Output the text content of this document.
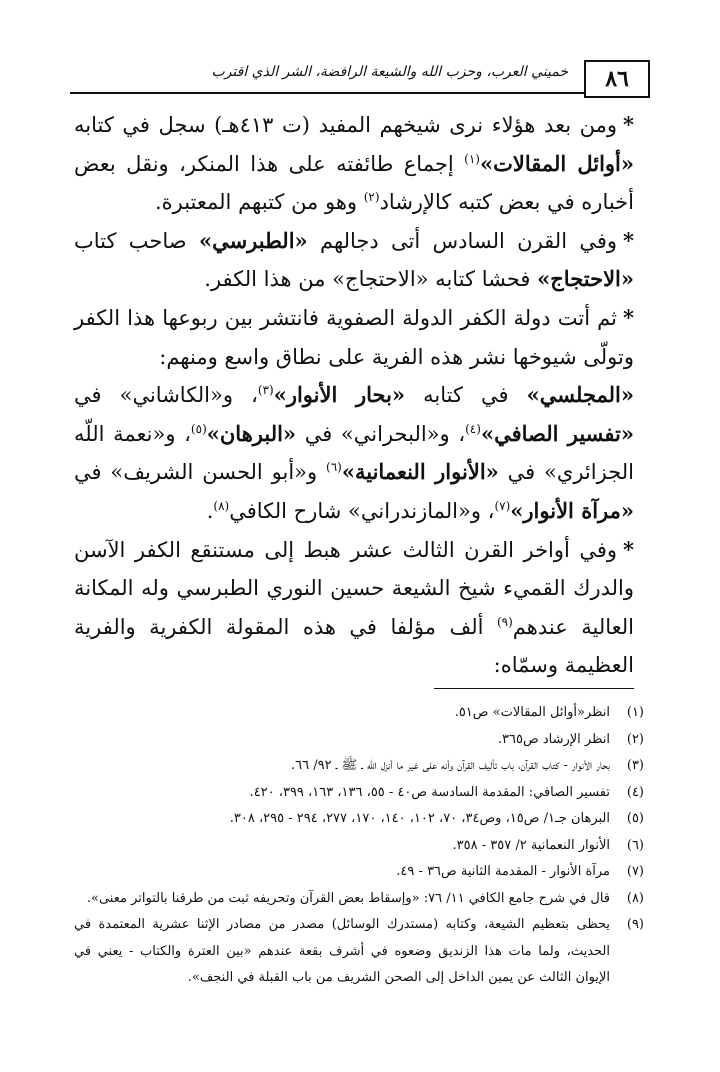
٨٦
خميني العرب، وحزب الله والشيعة الرافضة، الشر الذي اقترب

*ومن بعد هؤلاء نرى شيخهم المفيد (ت ٤١٣هـ) سجل في كتابه «أوائل المقالات»$^{(١)}$ إجماع طائفته على هذا المنكر، ونقل بعض أخباره في بعض كتبه كالإرشاد$^{(٢)}$ وهو من كتبهم المعتبرة.

*وفي القرن السادس أتى دجالهم «الطبرسي» صاحب كتاب «الاحتجاج» فحشا كتابه «الاحتجاج» من هذا الكفر.

*ثم أتت دولة الكفر الدولة الصفوية فانتشر بين ربوعها هذا الكفر وتولّى شيوخها نشر هذه الفرية على نطاق واسع ومنهم:

«المجلسي» في كتابه «بحار الأنوار»$^{(٣)}$، و«الكاشاني» في «تفسير الصافي»$^{(٤)}$، و«البحراني» في «البرهان»$^{(٥)}$، و«نعمة اللّه الجزائري» في «الأنوار النعمانية»$^{(٦)}$ و«أبو الحسن الشريف» في «مرآة الأنوار»$^{(٧)}$، و«المازندراني» شارح الكافي$^{(٨)}$.

*وفي أواخر القرن الثالث عشر هبط إلى مستنقع الكفر الآسن والدرك القميء شيخ الشيعة حسين النوري الطبرسي وله المكانة العالية عندهم$^{(٩)}$ ألف مؤلفا في هذه المقولة الكفرية والفرية العظيمة وسمّاه:

(١)
انظر«أوائل المقالات» ص٥١.
(٢)
انظر الإرشاد ص٣٦٥.
(٣)
بحار الأنوار - كتاب القرآن، باب تأليف القرآن وأنه على غير ما أنزل الله ـ ﷺ ـ ٩٢/ ٦٦.
(٤)
تفسير الصافي: المقدمة السادسة ص٤٠ - ٥٥، ١٣٦، ١٦٣، ٣٩٩، ٤٢٠.
(٥)
البرهان جـ١/ ص١٥، وص٣٤، ٧٠، ١٠٢، ١٤٠، ١٧٠، ٢٧٧، ٢٩٤ - ٢٩٥، ٣٠٨.
(٦)
الأنوار النعمانية ٢/ ٣٥٧ - ٣٥٨.
(٧)
مرآة الأنوار - المقدمة الثانية ص٣٦ - ٤٩.
(٨)
قال في شرح جامع الكافي ١١/ ٧٦: «وإسقاط بعض القرآن وتحريفه ثبت من طرقنا بالتواتر معنى».
(٩)
يحظى بتعظيم الشيعة، وكتابه (مستدرك الوسائل) مصدر من مصادر الإثنا عشرية المعتمدة في الحديث، ولما مات هذا الزنديق وضعوه في أشرف بقعة عندهم «بين العترة والكتاب - يعني في الإيوان الثالث عن يمين الداخل إلى الصحن الشريف من باب القبلة في النجف».
